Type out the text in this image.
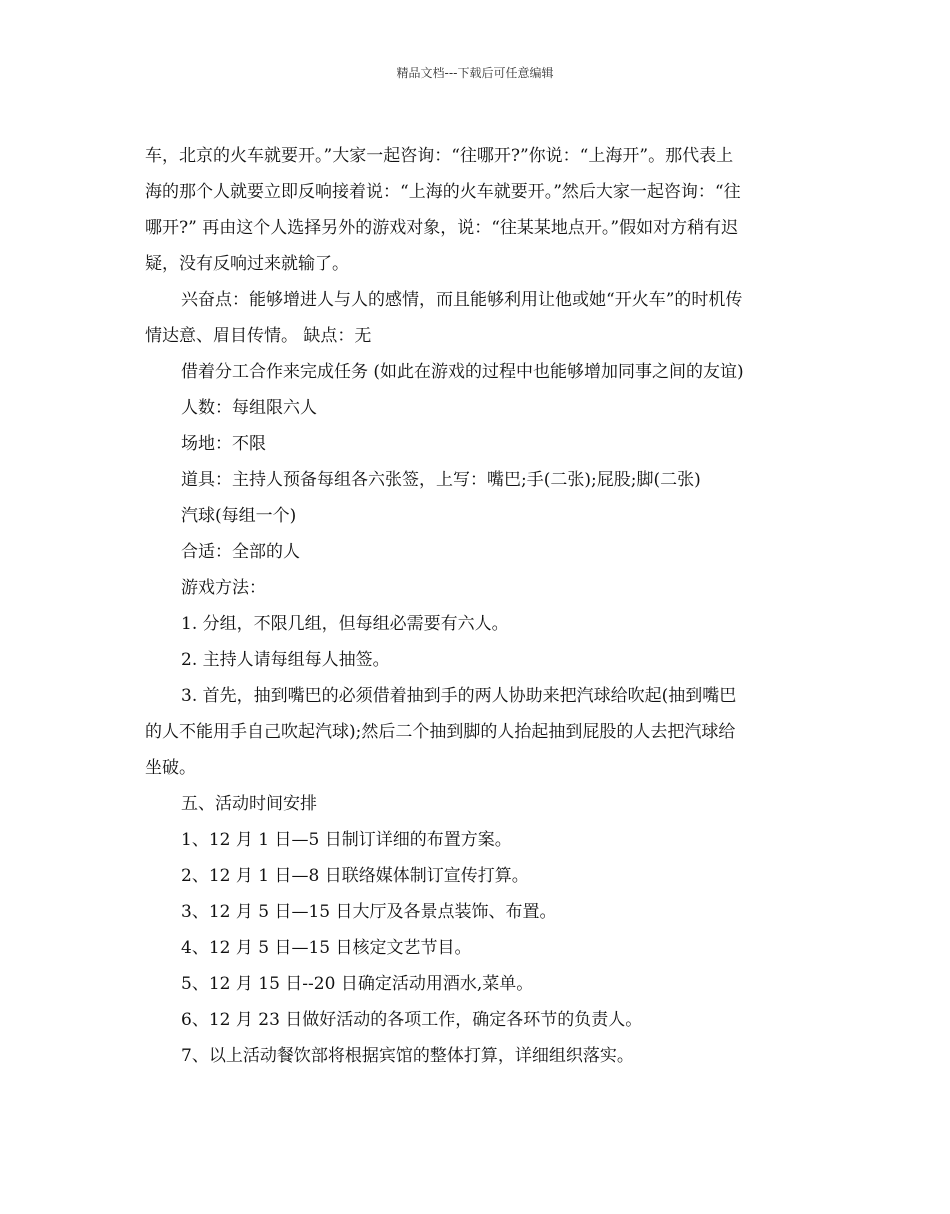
精品文档---下载后可任意编辑
车，北京的火车就要开。”大家一起咨询：“往哪开?”你说：“上海开”。那代表上
海的那个人就要立即反响接着说：“上海的火车就要开。”然后大家一起咨询：“往
哪开?” 再由这个人选择另外的游戏对象，说：“往某某地点开。”假如对方稍有迟
疑，没有反响过来就输了。
兴奋点：能够增进人与人的感情，而且能够利用让他或她“开火车”的时机传
情达意、眉目传情。 缺点：无
借着分工合作来完成任务 (如此在游戏的过程中也能够增加同事之间的友谊)
人数：每组限六人
场地：不限
道具：主持人预备每组各六张签，上写：嘴巴;手(二张);屁股;脚(二张)
汽球(每组一个)
合适：全部的人
游戏方法：
1. 分组，不限几组，但每组必需要有六人。
2. 主持人请每组每人抽签。
3. 首先，抽到嘴巴的必须借着抽到手的两人协助来把汽球给吹起(抽到嘴巴
的人不能用手自己吹起汽球);然后二个抽到脚的人抬起抽到屁股的人去把汽球给
坐破。
五、活动时间安排
1、12 月 1 日—5 日制订详细的布置方案。
2、12 月 1 日—8 日联络媒体制订宣传打算。
3、12 月 5 日—15 日大厅及各景点装饰、布置。
4、12 月 5 日—15 日核定文艺节目。
5、12 月 15 日--20 日确定活动用酒水,菜单。
6、12 月 23 日做好活动的各项工作，确定各环节的负责人。
7、以上活动餐饮部将根据宾馆的整体打算，详细组织落实。
